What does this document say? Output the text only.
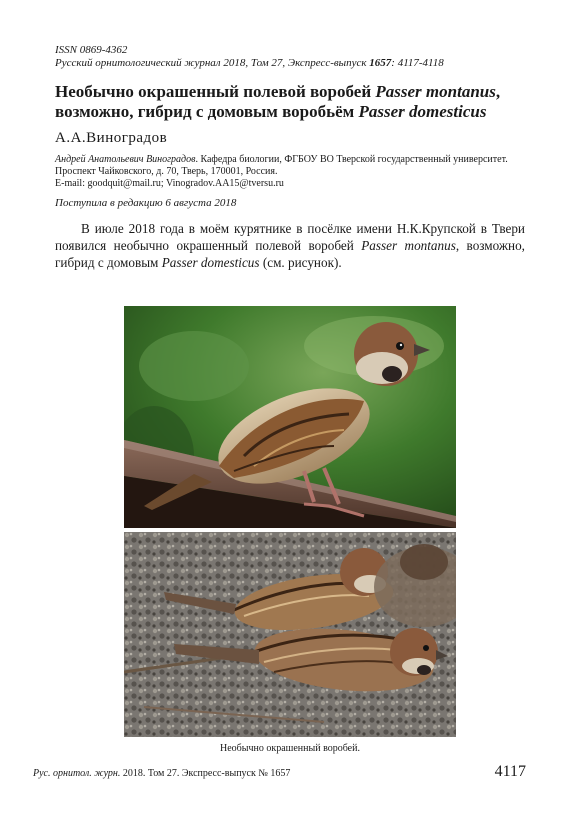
ISSN 0869-4362
Русский орнитологический журнал 2018, Том 27, Экспресс-выпуск 1657: 4117-4118
Необычно окрашенный полевой воробей Passer montanus, возможно, гибрид с домовым воробьём Passer domesticus
А.А.Виноградов
Андрей Анатольевич Виноградов. Кафедра биологии, ФГБОУ ВО Тверской государственный университет. Проспект Чайковского, д. 70, Тверь, 170001, Россия.
E-mail: goodquit@mail.ru; Vinogradov.AA15@tversu.ru
Поступила в редакцию 6 августа 2018
В июле 2018 года в моём курятнике в посёлке имени Н.К.Крупской в Твери появился необычно окрашенный полевой воробей Passer montanus, возможно, гибрид с домовым Passer domesticus (см. рисунок).
Необычно окрашенный воробей.
Рус. орнитол. журн. 2018. Том 27. Экспресс-выпуск № 1657	4117
